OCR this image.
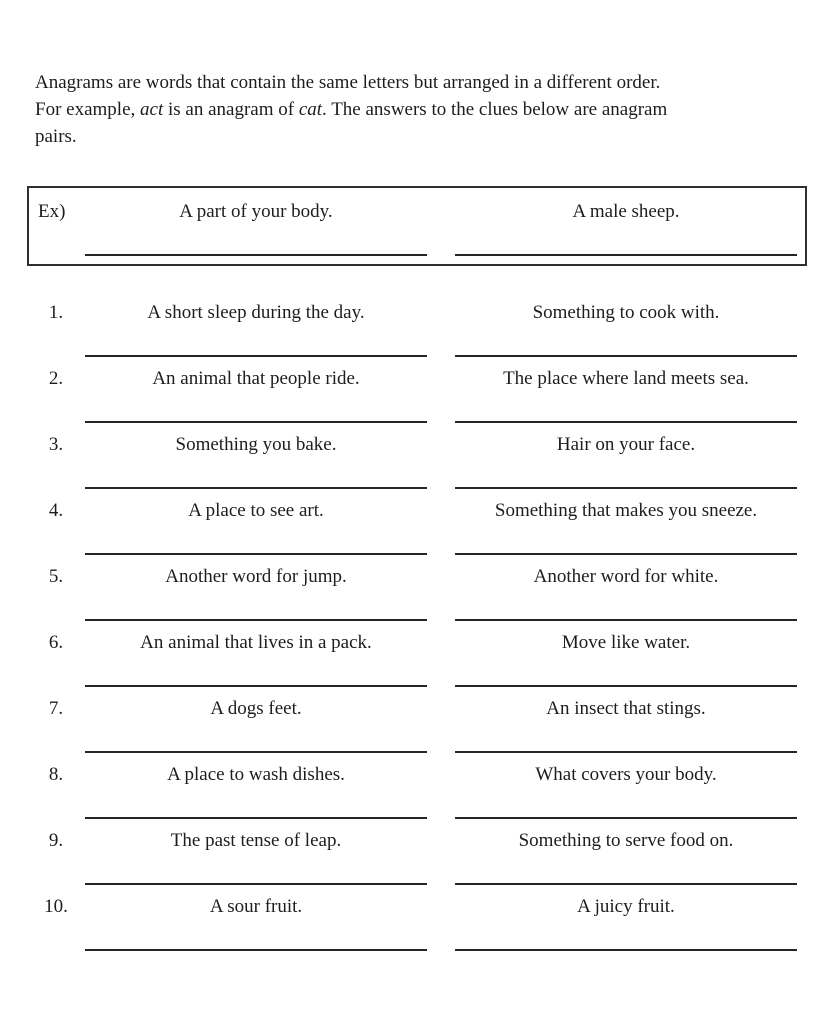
Anagrams are words that contain the same letters but arranged in a different order.
For example, act is an anagram of cat. The answers to the clues below are anagram
pairs.
Ex)	A part of your body.	A male sheep.
1.	A short sleep during the day.	Something to cook with.
2.	An animal that people ride.	The place where land meets sea.
3.	Something you bake.	Hair on your face.
4.	A place to see art.	Something that makes you sneeze.
5.	Another word for jump.	Another word for white.
6.	An animal that lives in a pack.	Move like water.
7.	A dogs feet.	An insect that stings.
8.	A place to wash dishes.	What covers your body.
9.	The past tense of leap.	Something to serve food on.
10.	A sour fruit.	A juicy fruit.
